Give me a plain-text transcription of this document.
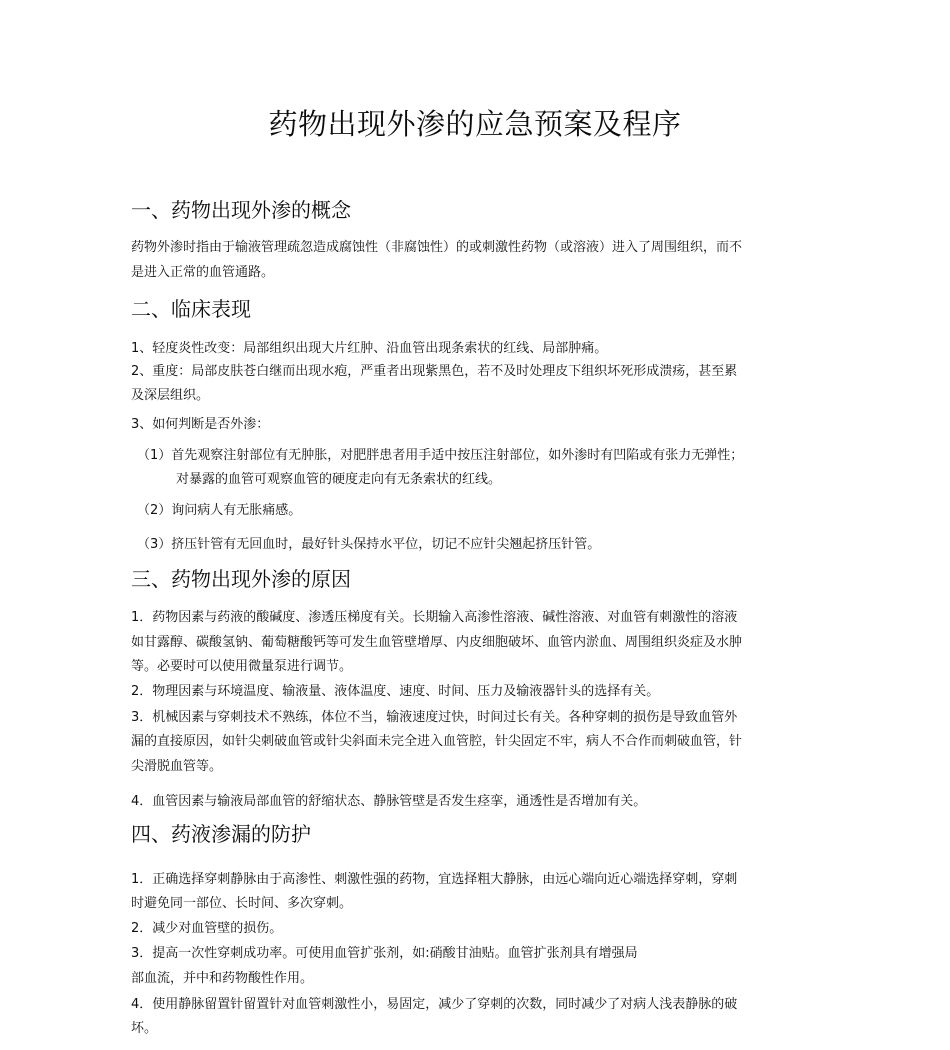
药物出现外渗的应急预案及程序
一、药物出现外渗的概念
药物外渗时指由于输液管理疏忽造成腐蚀性（非腐蚀性）的或刺激性药物（或溶液）进入了周围组织，而不
是进入正常的血管通路。
二、临床表现
1、轻度炎性改变：局部组织出现大片红肿、沿血管出现条索状的红线、局部肿痛。
2、重度：局部皮肤苍白继而出现水疱，严重者出现紫黑色，若不及时处理皮下组织坏死形成溃疡，甚至累
及深层组织。
3、如何判断是否外渗：
（1）首先观察注射部位有无肿胀，对肥胖患者用手适中按压注射部位，如外渗时有凹陷或有张力无弹性；
对暴露的血管可观察血管的硬度走向有无条索状的红线。
（2）询问病人有无胀痛感。
（3）挤压针管有无回血时，最好针头保持水平位，切记不应针尖翘起挤压针管。
三、药物出现外渗的原因
1．药物因素与药液的酸碱度、渗透压梯度有关。长期输入高渗性溶液、碱性溶液、对血管有刺激性的溶液
如甘露醇、碳酸氢钠、葡萄糖酸钙等可发生血管壁增厚、内皮细胞破坏、血管内淤血、周围组织炎症及水肿
等。必要时可以使用微量泵进行调节。
2．物理因素与环境温度、输液量、液体温度、速度、时间、压力及输液器针头的选择有关。
3．机械因素与穿刺技术不熟练，体位不当，输液速度过快，时间过长有关。各种穿刺的损伤是导致血管外
漏的直接原因，如针尖刺破血管或针尖斜面未完全进入血管腔，针尖固定不牢，病人不合作而刺破血管，针
尖滑脱血管等。
4．血管因素与输液局部血管的舒缩状态、静脉管壁是否发生痉挛，通透性是否增加有关。
四、药液渗漏的防护
1．正确选择穿刺静脉由于高渗性、刺激性强的药物，宜选择粗大静脉，由远心端向近心端选择穿刺，穿刺
时避免同一部位、长时间、多次穿刺。
2．减少对血管壁的损伤。
3．提高一次性穿刺成功率。可使用血管扩张剂，如:硝酸甘油贴。血管扩张剂具有增强局
部血流，并中和药物酸性作用。
4．使用静脉留置针留置针对血管刺激性小，易固定，减少了穿刺的次数，同时减少了对病人浅表静脉的破
坏。
